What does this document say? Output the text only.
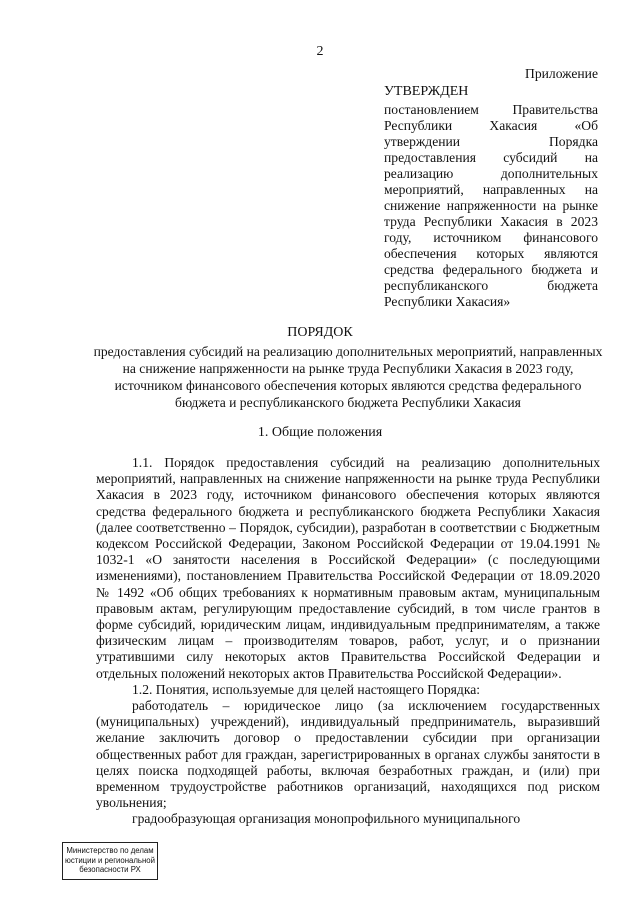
2
Приложение
УТВЕРЖДЕН
постановлением Правительства Республики Хакасия «Об утверждении Порядка предоставления субсидий на реализацию дополнительных мероприятий, направленных на снижение напряженности на рынке труда Республики Хакасия в 2023 году, источником финансового обеспечения которых являются средства федерального бюджета и республиканского бюджета Республики Хакасия»
ПОРЯДОК
предоставления субсидий на реализацию дополнительных мероприятий, направленных на снижение напряженности на рынке труда Республики Хакасия в 2023 году, источником финансового обеспечения которых являются средства федерального бюджета и республиканского бюджета Республики Хакасия
1. Общие положения

1.1. Порядок предоставления субсидий на реализацию дополнительных мероприятий, направленных на снижение напряженности на рынке труда Республики Хакасия в 2023 году, источником финансового обеспечения которых являются средства федерального бюджета и республиканского бюджета Республики Хакасия (далее соответственно – Порядок, субсидии), разработан в соответствии с Бюджетным кодексом Российской Федерации, Законом Российской Федерации от 19.04.1991 № 1032-1 «О занятости населения в Российской Федерации» (с последующими изменениями), постановлением Правительства Российской Федерации от 18.09.2020 № 1492 «Об общих требованиях к нормативным правовым актам, муниципальным правовым актам, регулирующим предоставление субсидий, в том числе грантов в форме субсидий, юридическим лицам, индивидуальным предпринимателям, а также физическим лицам – производителям товаров, работ, услуг, и о признании утратившими силу некоторых актов Правительства Российской Федерации и отдельных положений некоторых актов Правительства Российской Федерации».

1.2. Понятия, используемые для целей настоящего Порядка:

работодатель – юридическое лицо (за исключением государственных (муниципальных) учреждений), индивидуальный предприниматель, выразивший желание заключить договор о предоставлении субсидии при организации общественных работ для граждан, зарегистрированных в органах службы занятости в целях поиска подходящей работы, включая безработных граждан, и (или) при временном трудоустройстве работников организаций, находящихся под риском увольнения;

градообразующая организация монопрофильного муниципального

Министерство по делам
юстиции и региональной
безопасности РХ
